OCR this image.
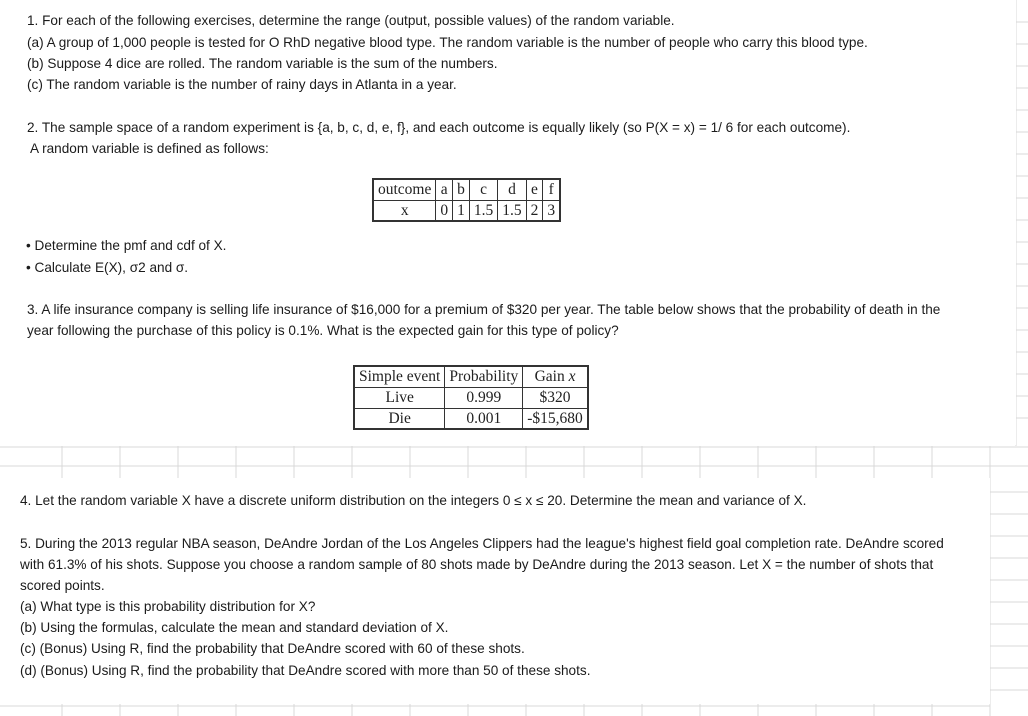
1. For each of the following exercises, determine the range (output, possible values) of the random variable.
(a) A group of 1,000 people is tested for O RhD negative blood type. The random variable is the number of people who carry this blood type.
(b) Suppose 4 dice are rolled. The random variable is the sum of the numbers.
(c) The random variable is the number of rainy days in Atlanta in a year.
2. The sample space of a random experiment is {a, b, c, d, e, f}, and each outcome is equally likely (so P(X = x) = 1/ 6 for each outcome).
A random variable is defined as follows:
outcome	a	b	c	d	e	f
x	0	1	1.5	1.5	2	3
• Determine the pmf and cdf of X.
• Calculate E(X), σ2 and σ.
3. A life insurance company is selling life insurance of $16,000 for a premium of $320 per year. The table below shows that the probability of death in the
year following the purchase of this policy is 0.1%. What is the expected gain for this type of policy?
Simple event	Probability	Gain x
Live	0.999	$320
Die	0.001	-$15,680
4. Let the random variable X have a discrete uniform distribution on the integers 0 ≤ x ≤ 20. Determine the mean and variance of X.
5. During the 2013 regular NBA season, DeAndre Jordan of the Los Angeles Clippers had the league's highest field goal completion rate. DeAndre scored
with 61.3% of his shots. Suppose you choose a random sample of 80 shots made by DeAndre during the 2013 season. Let X = the number of shots that
scored points.
(a) What type is this probability distribution for X?
(b) Using the formulas, calculate the mean and standard deviation of X.
(c) (Bonus) Using R, find the probability that DeAndre scored with 60 of these shots.
(d) (Bonus) Using R, find the probability that DeAndre scored with more than 50 of these shots.
